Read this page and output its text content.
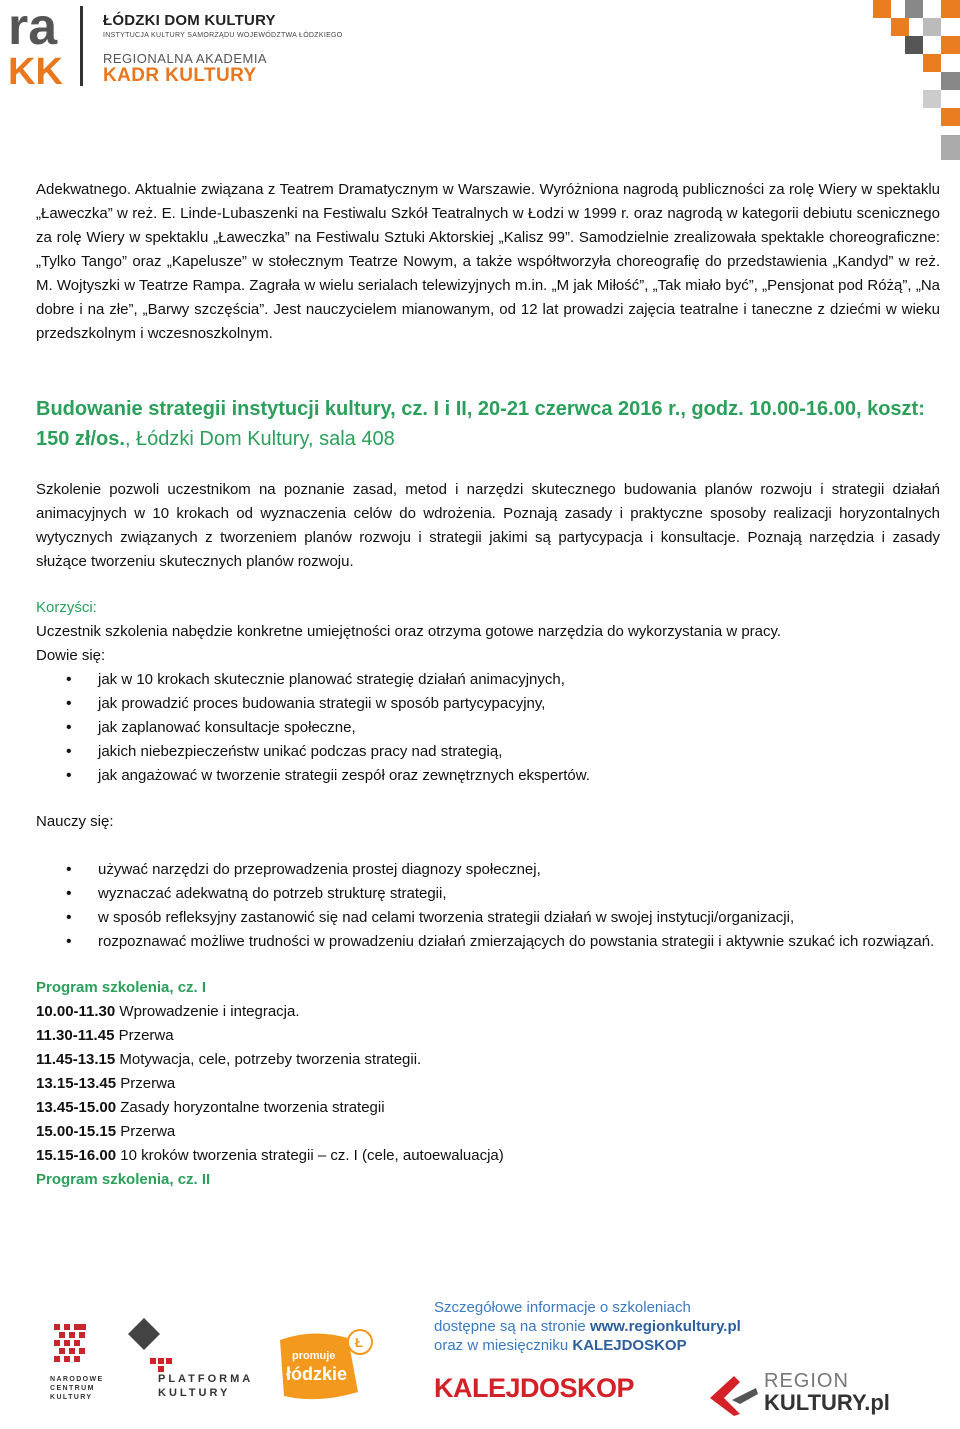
ra
KK
ŁÓDZKI DOM KULTURY
INSTYTUCJA KULTURY SAMORZĄDU WOJEWÓDZTWA ŁÓDZKIEGO
REGIONALNA AKADEMIA
KADR KULTURY

Adekwatnego. Aktualnie związana z Teatrem Dramatycznym w Warszawie. Wyróżniona nagrodą publiczności za rolę Wiery w spektaklu „Ławeczka” w reż. E. Linde-Lubaszenki na Festiwalu Szkół Teatralnych w Łodzi w 1999 r. oraz nagrodą w kategorii debiutu scenicznego za rolę Wiery w spektaklu „Ławeczka” na Festiwalu Sztuki Aktorskiej „Kalisz 99”. Samodzielnie zrealizowała spektakle choreograficzne: „Tylko Tango” oraz „Kapelusze” w stołecznym Teatrze Nowym, a także współtworzyła choreografię do przedstawienia „Kandyd” w reż. M. Wojtyszki w Teatrze Rampa. Zagrała w wielu serialach telewizyjnych m.in. „M jak Miłość”, „Tak miało być”, „Pensjonat pod Różą”, „Na dobre i na złe”, „Barwy szczęścia”. Jest nauczycielem mianowanym, od 12 lat prowadzi zajęcia teatralne i taneczne z dziećmi w wieku przedszkolnym i wczesnoszkolnym.

Budowanie strategii instytucji kultury, cz. I i II, 20-21 czerwca 2016 r., godz. 10.00-16.00, koszt: 150 zł/os., Łódzki Dom Kultury, sala 408

Szkolenie pozwoli uczestnikom na poznanie zasad, metod i narzędzi skutecznego budowania planów rozwoju i strategii działań animacyjnych w 10 krokach od wyznaczenia celów do wdrożenia. Poznają zasady i praktyczne sposoby realizacji horyzontalnych wytycznych związanych z tworzeniem planów rozwoju i strategii jakimi są partycypacja i konsultacje. Poznają narzędzia i zasady służące tworzeniu skutecznych planów rozwoju.

Korzyści:

Uczestnik szkolenia nabędzie konkretne umiejętności oraz otrzyma gotowe narzędzia do wykorzystania w pracy.

Dowie się:

• jak w 10 krokach skutecznie planować strategię działań animacyjnych,
• jak prowadzić proces budowania strategii w sposób partycypacyjny,
• jak zaplanować konsultacje społeczne,
• jakich niebezpieczeństw unikać podczas pracy nad strategią,
• jak angażować w tworzenie strategii zespół oraz zewnętrznych ekspertów.

Nauczy się:

• używać narzędzi do przeprowadzenia prostej diagnozy społecznej,
• wyznaczać adekwatną do potrzeb strukturę strategii,
• w sposób refleksyjny zastanowić się nad celami tworzenia strategii działań w swojej instytucji/organizacji,
• rozpoznawać możliwe trudności w prowadzeniu działań zmierzających do powstania strategii i aktywnie szukać ich rozwiązań.

Program szkolenia, cz. I

10.00-11.30 Wprowadzenie i integracja.

11.30-11.45 Przerwa

11.45-13.15 Motywacja, cele, potrzeby tworzenia strategii.

13.15-13.45 Przerwa

13.45-15.00 Zasady horyzontalne tworzenia strategii

15.00-15.15 Przerwa

15.15-16.00 10 kroków tworzenia strategii – cz. I (cele, autoewaluacja)

Program szkolenia, cz. II

NARODOWE CENTRUM KULTURY
PLATFORMA
KULTURY
Ł
promuje
łódzkie
Szczegółowe informacje o szkoleniach
dostępne są na stronie www.regionkultury.pl
oraz w miesięczniku KALEJDOSKOP
KALEJDOSKOP	REGION
KULTURY.pl
